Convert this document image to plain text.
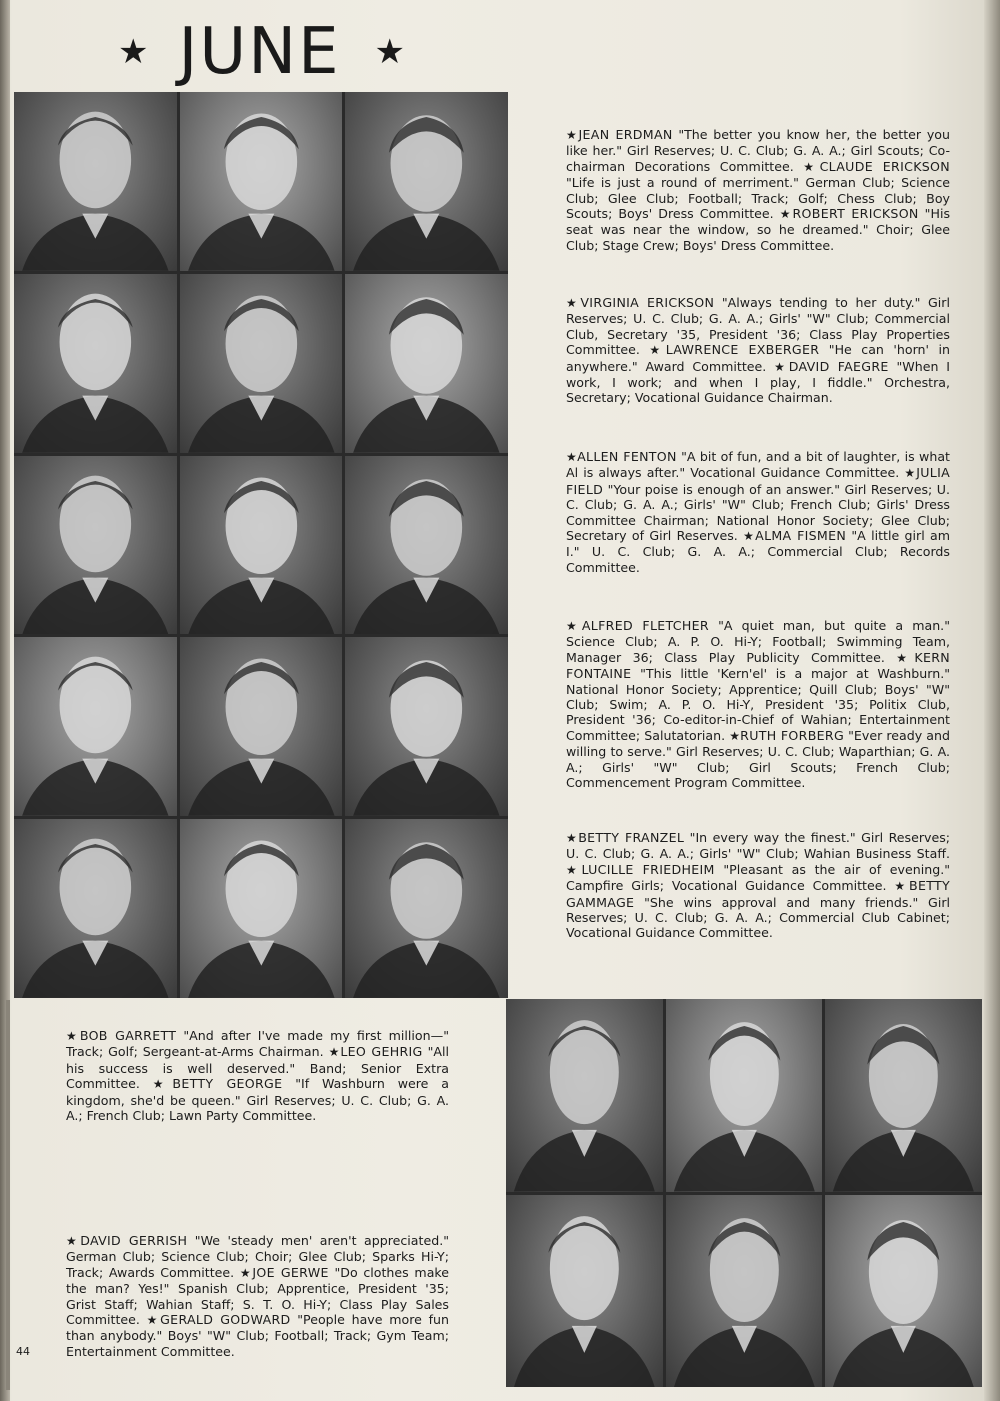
★ JUNE ★

★JEAN ERDMAN "The better you know her, the better you like her." Girl Reserves; U. C. Club; G. A. A.; Girl Scouts; Co-chairman Decorations Committee. ★CLAUDE ERICKSON "Life is just a round of merriment." German Club; Science Club; Glee Club; Football; Track; Golf; Chess Club; Boy Scouts; Boys' Dress Committee. ★ROBERT ERICKSON "His seat was near the window, so he dreamed." Choir; Glee Club; Stage Crew; Boys' Dress Committee.

★VIRGINIA ERICKSON "Always tending to her duty." Girl Reserves; U. C. Club; G. A. A.; Girls' "W" Club; Commercial Club, Secretary '35, President '36; Class Play Properties Committee. ★LAWRENCE EXBERGER "He can 'horn' in anywhere." Award Committee. ★DAVID FAEGRE "When I work, I work; and when I play, I fiddle." Orchestra, Secretary; Vocational Guidance Chairman.

★ALLEN FENTON "A bit of fun, and a bit of laughter, is what Al is always after." Vocational Guidance Committee. ★JULIA FIELD "Your poise is enough of an answer." Girl Reserves; U. C. Club; G. A. A.; Girls' "W" Club; French Club; Girls' Dress Committee Chairman; National Honor Society; Glee Club; Secretary of Girl Reserves. ★ALMA FISMEN "A little girl am I." U. C. Club; G. A. A.; Commercial Club; Records Committee.

★ALFRED FLETCHER "A quiet man, but quite a man." Science Club; A. P. O. Hi-Y; Football; Swimming Team, Manager 36; Class Play Publicity Committee. ★KERN FONTAINE "This little 'Kern'el' is a major at Washburn." National Honor Society; Apprentice; Quill Club; Boys' "W" Club; Swim; A. P. O. Hi-Y, President '35; Politix Club, President '36; Co-editor-in-Chief of Wahian; Entertainment Committee; Salutatorian. ★RUTH FORBERG "Ever ready and willing to serve." Girl Reserves; U. C. Club; Waparthian; G. A. A.; Girls' "W" Club; Girl Scouts; French Club; Commencement Program Committee.

★BETTY FRANZEL "In every way the finest." Girl Reserves; U. C. Club; G. A. A.; Girls' "W" Club; Wahian Business Staff. ★LUCILLE FRIEDHEIM "Pleasant as the air of evening." Campfire Girls; Vocational Guidance Committee. ★BETTY GAMMAGE "She wins approval and many friends." Girl Reserves; U. C. Club; G. A. A.; Commercial Club Cabinet; Vocational Guidance Committee.

★BOB GARRETT "And after I've made my first million—" Track; Golf; Sergeant-at-Arms Chairman. ★LEO GEHRIG "All his success is well deserved." Band; Senior Extra Committee. ★BETTY GEORGE "If Washburn were a kingdom, she'd be queen." Girl Reserves; U. C. Club; G. A. A.; French Club; Lawn Party Committee.

★DAVID GERRISH "We 'steady men' aren't appreciated." German Club; Science Club; Choir; Glee Club; Sparks Hi-Y; Track; Awards Committee. ★JOE GERWE "Do clothes make the man? Yes!" Spanish Club; Apprentice, President '35; Grist Staff; Wahian Staff; S. T. O. Hi-Y; Class Play Sales Committee. ★GERALD GODWARD "People have more fun than anybody." Boys' "W" Club; Football; Track; Gym Team; Entertainment Committee.

44
